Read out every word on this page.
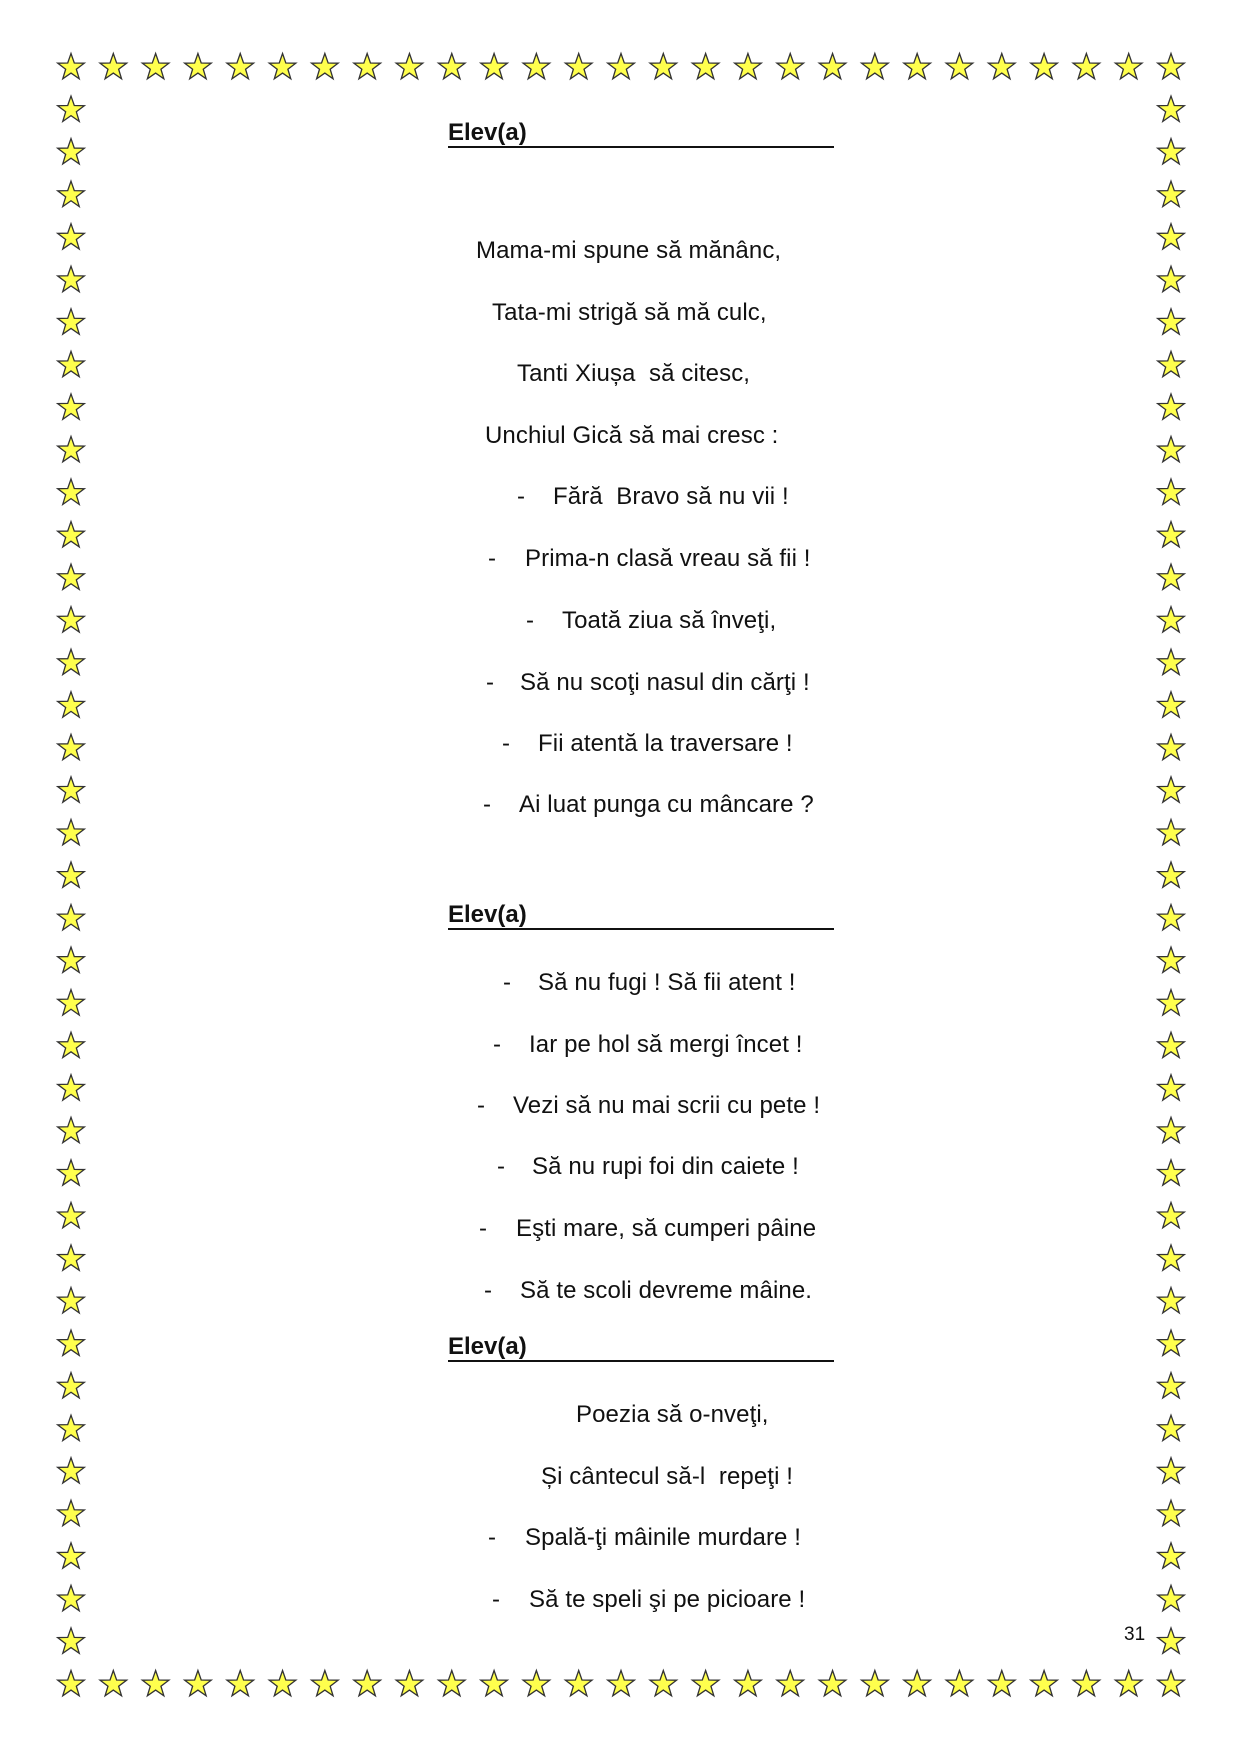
Elev(a)
Mama-mi spune să mănânc,
Tata-mi strigă să mă culc,
Tanti Xiușa  să citesc,
Unchiul Gică să mai cresc :
- Fără  Bravo să nu vii !
- Prima-n clasă vreau să fii !
- Toată ziua să înveţi,
- Să nu scoţi nasul din cărţi !
- Fii atentă la traversare !
- Ai luat punga cu mâncare ?
Elev(a)
- Să nu fugi ! Să fii atent !
- Iar pe hol să mergi încet !
- Vezi să nu mai scrii cu pete !
- Să nu rupi foi din caiete !
- Eşti mare, să cumperi pâine
- Să te scoli devreme mâine.
Elev(a)
Poezia să o-nveţi,
Și cântecul să-l  repeţi !
- Spală-ţi mâinile murdare !
- Să te speli şi pe picioare !
31
